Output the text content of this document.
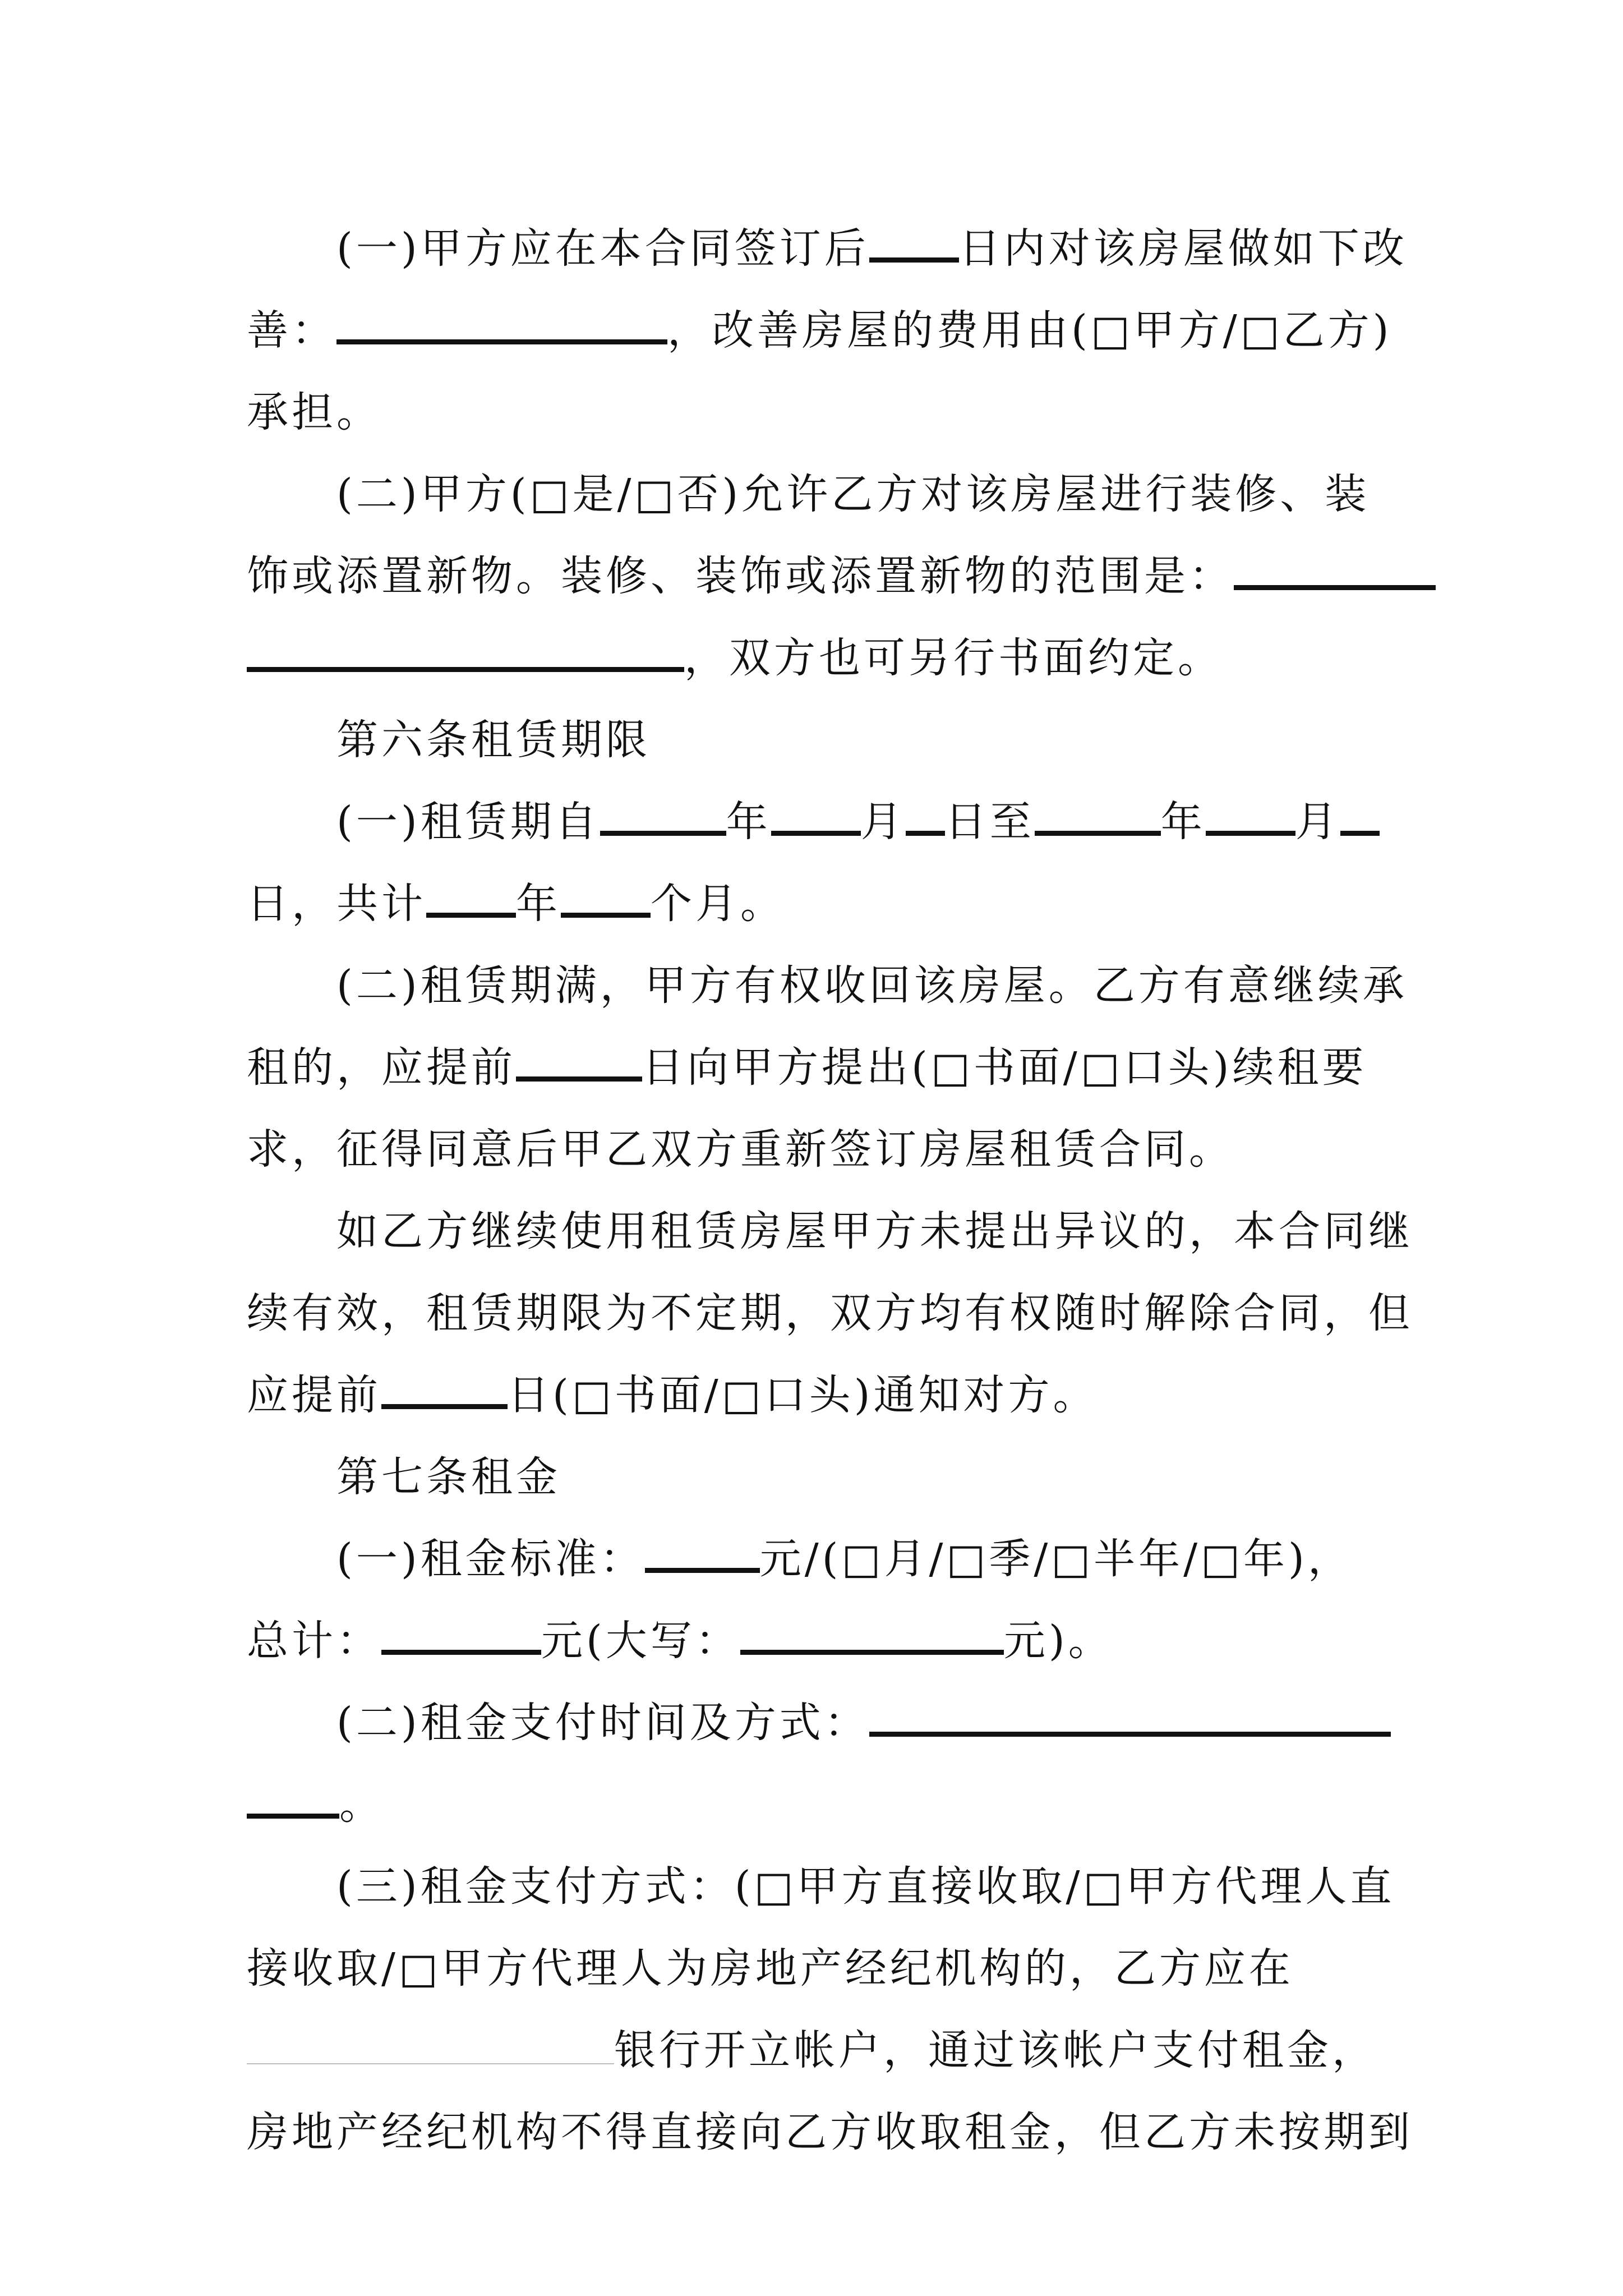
(一)甲方应在本合同签订后 日内对该房屋做如下改
善：	，改善房屋的费用由(□甲方/□乙方)
承担。
(二)甲方(□是/□否)允许乙方对该房屋进行装修、装
饰或添置新物。装修、装饰或添置新物的范围是：
，双方也可另行书面约定。
第六条租赁期限
(一)租赁期自	年 月 日至	年 月
日，共计 年 个月。
(二)租赁期满，甲方有权收回该房屋。乙方有意继续承
租的，应提前	日向甲方提出(□书面/□口头)续租要
求，征得同意后甲乙双方重新签订房屋租赁合同。
如乙方继续使用租赁房屋甲方未提出异议的，本合同继
续有效，租赁期限为不定期，双方均有权随时解除合同，但
应提前	日(□书面/□口头)通知对方。
第七条租金
(一)租金标准：	元/(□月/□季/□半年/□年)，
总计：	元(大写：	元)。
(二)租金支付时间及方式：
。
(三)租金支付方式：(□甲方直接收取/□甲方代理人直
接收取/□甲方代理人为房地产经纪机构的，乙方应在
银行开立帐户，通过该帐户支付租金，
房地产经纪机构不得直接向乙方收取租金，但乙方未按期到
